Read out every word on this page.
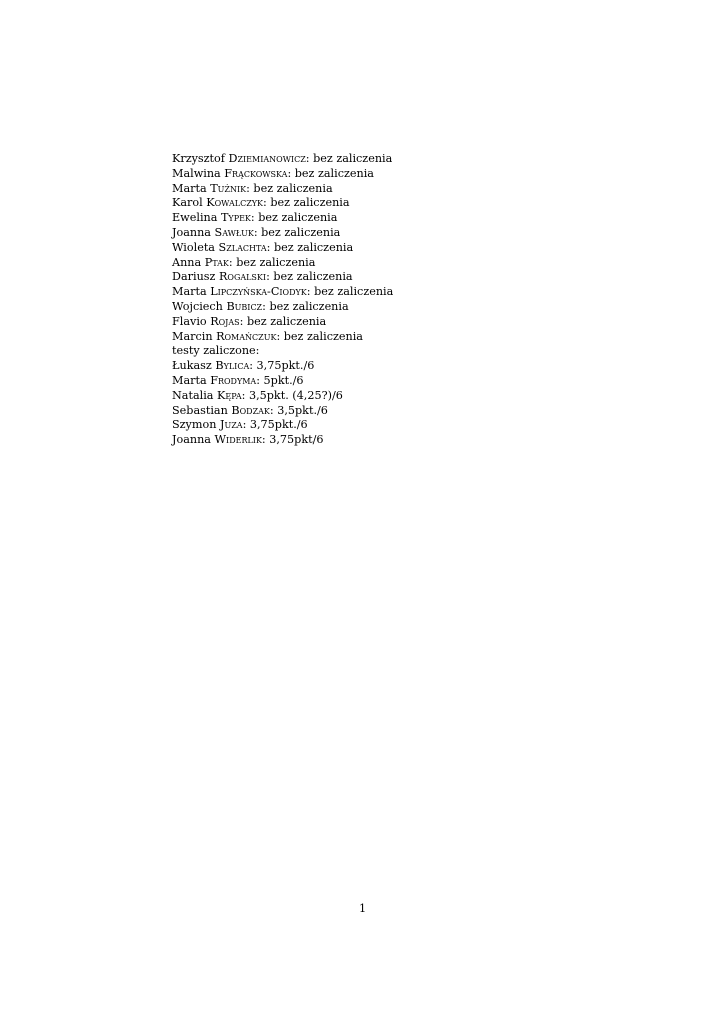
Krzysztof Dziemianowicz: bez zaliczenia
Malwina Frąckowska: bez zaliczenia
Marta Tużnik: bez zaliczenia
Karol Kowalczyk: bez zaliczenia
Ewelina Typek: bez zaliczenia
Joanna Sawłuk: bez zaliczenia
Wioleta Szlachta: bez zaliczenia
Anna Ptak: bez zaliczenia
Dariusz Rogalski: bez zaliczenia
Marta Lipczyńska-Ciodyk: bez zaliczenia
Wojciech Bubicz: bez zaliczenia
Flavio Rojas: bez zaliczenia
Marcin Romańczuk: bez zaliczenia
testy zaliczone:
Łukasz Bylica: 3,75pkt./6
Marta Frodyma: 5pkt./6
Natalia Kępa: 3,5pkt. (4,25?)/6
Sebastian Bodzak: 3,5pkt./6
Szymon Juza: 3,75pkt./6
Joanna Widerlik: 3,75pkt/6
1
